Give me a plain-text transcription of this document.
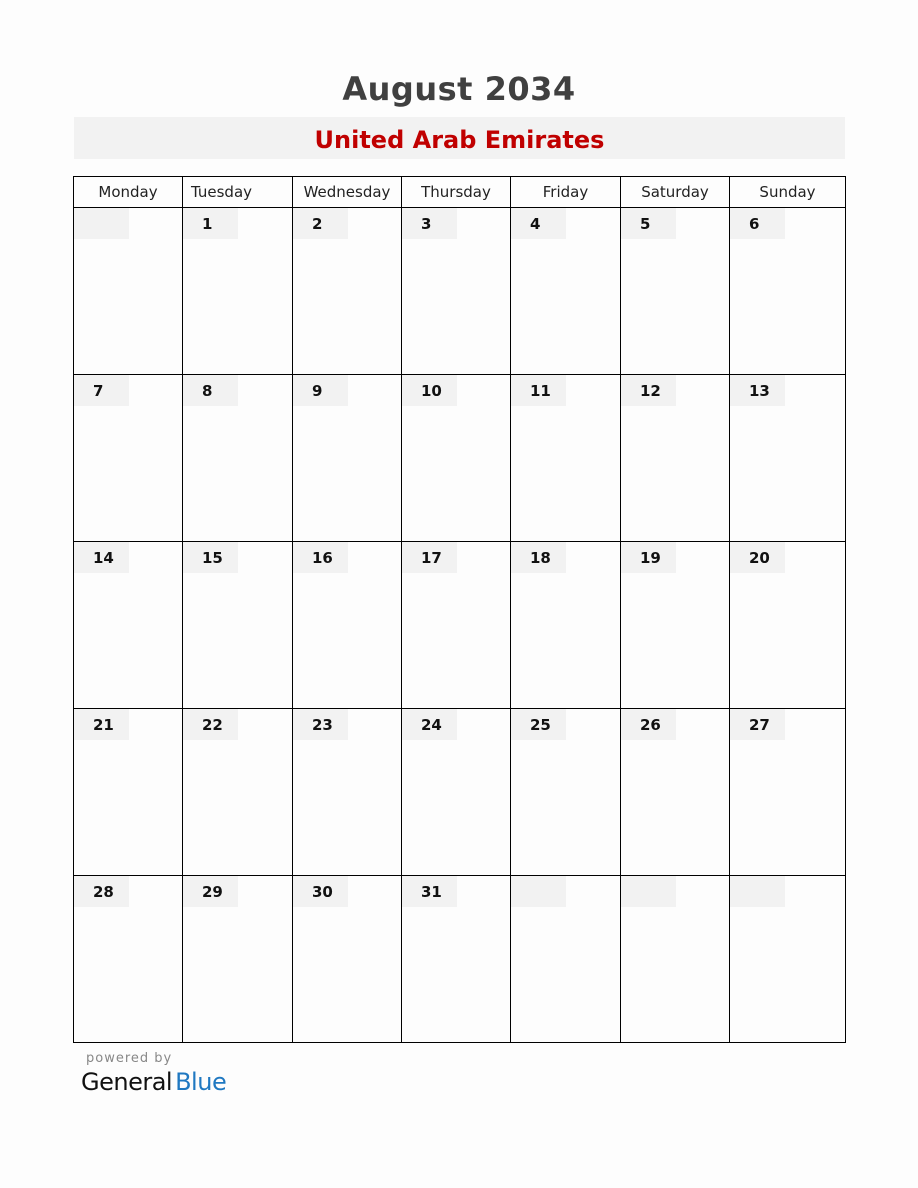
August 2034
United Arab Emirates
Monday	Tuesday	Wednesday	Thursday	Friday	Saturday	Sunday

	1	2	3	4	5	6

7	8	9	10	11	12	13

14	15	16	17	18	19	20

21	22	23	24	25	26	27

28	29	30	31			

powered by
General Blue
